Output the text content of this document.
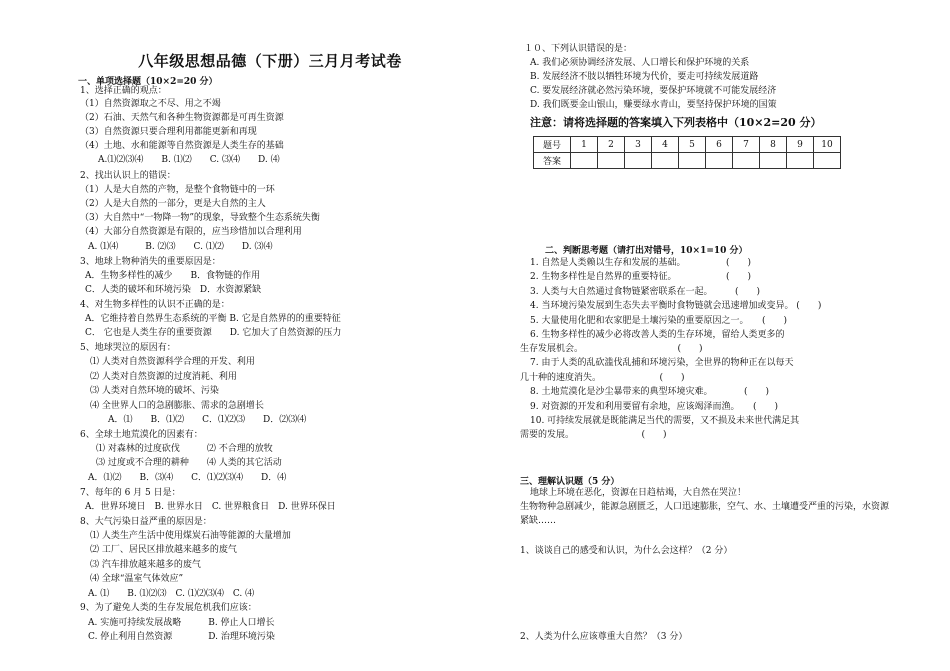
八年级思想品德（下册）三月月考试卷
一、单项选择题（10×2=20 分）
1、选择正确的观点：
（1）自然资源取之不尽、用之不竭
（2）石油、天然气和各种生物资源都是可再生资源
（3）自然资源只要合理利用都能更新和再现
（4）土地、水和能源等自然资源是人类生存的基础
A.⑴⑵⑶⑷　　B. ⑴⑵　　C. ⑶⑷　　D. ⑷
2、找出认识上的错误：
（1）人是大自然的产物，是整个食物链中的一环
（2）人是大自然的一部分，更是大自然的主人
（3）大自然中“一物降一物”的现象，导致整个生态系统失衡
（4）大部分自然资源是有限的，应当珍惜加以合理利用
A. ⑴⑷　　　B. ⑵⑶　　C. ⑴⑵　　D. ⑶⑷
3、地球上物种消失的重要原因是：
A．生物多样性的减少　　B．食物链的作用
C．人类的破坏和环境污染　D．水资源紧缺
4、对生物多样性的认识不正确的是：
A．它维持着自然界生态系统的平衡 B. 它是自然界的的重要特征
C． 它也是人类生存的重要资源　　D. 它加大了自然资源的压力
5、地球哭泣的原因有：
⑴ 人类对自然资源科学合理的开发、利用
⑵ 人类对自然资源的过度消耗、利用
⑶ 人类对自然环境的破坏、污染
⑷ 全世界人口的急剧膨胀、需求的急剧增长
A．⑴　　B．⑴⑵　　C．⑴⑵⑶　　D．⑵⑶⑷
6、全球土地荒漠化的因素有：
⑴ 对森林的过度砍伐　　　⑵ 不合理的放牧
⑶ 过度或不合理的耕种　　⑷ 人类的其它活动
A．⑴⑵　　B．⑶⑷　　C．⑴⑵⑶⑷　　D．⑷
7、每年的 6 月 5 日是：
A．世界环境日　B. 世界水日　C. 世界粮食日　D. 世界环保日
8、大气污染日益严重的原因是：
⑴ 人类生产生活中使用煤炭石油等能源的大量增加
⑵ 工厂、居民区排放越来越多的废气
⑶ 汽车排放越来越多的废气
⑷ 全球“温室气体效应”
A. ⑴　　B. ⑴⑵⑶　C. ⑴⑵⑶⑷　C. ⑷
9、为了避免人类的生存发展危机我们应该：
A. 实施可持续发展战略　　　B. 停止人口增长
C. 停止利用自然资源　　　　D. 治理环境污染
１０、下列认识错误的是：
A. 我们必须协调经济发展、人口增长和保护环境的关系
B. 发展经济不肢以牺牲环境为代价，要走可持续发展道路
C. 要发展经济就必然污染环境，要保护环境就不可能发展经济
D. 我们既要金山银山，赚要绿水青山，要坚持保护环境的国策
二、判断思考题（请打出对错号，10×1=10 分）
1. 自然是人类赖以生存和发展的基础。　　　　　(　　)
2. 生物多样性是自然界的重要特征。　　　　　　(　　)
3. 人类与大自然通过食物链紧密联系在一起。　　　(　　)
4. 当环境污染发展到生态失去平衡时食物链就会迅速增加或变异。 (　　)
5. 大量使用化肥和农家肥是土壤污染的重要原因之一。　　(　　)
6. 生物多样性的减少必将改善人类的生存环境，留给人类更多的
生存发展机会。　　　　　　　　　　　(　　)
7. 由于人类的乱砍滥伐乱捕和环境污染，全世界的物种正在以每天
几十种的速度消失。　　　　　　　(　　)
8. 土地荒漠化是沙尘暴带来的典型环境灾难。　　　　(　　)
9. 对资源的开发和利用要留有余地，应该竭泽而渔。　　(　　)
10. 可持续发展就是既能满足当代的需要，又不损及未来世代满足其
需要的发展。　　　　　　　　(　　)
三、理解认识题（5 分）
地球上环境在恶化，资源在日趋枯竭，大自然在哭泣！
生物物种急剧减少，能源急剧匮乏，人口迅速膨胀，空气、水、土壤遭受严重的污染，水资源
紧缺……
1、谈谈自己的感受和认识，为什么会这样？（2 分）
2、人类为什么应该尊重大自然？（3 分）
注意：请将选择题的答案填入下列表格中（10×2=20 分）
题号	1	2	3	4	5	6	7	8	9	10
答案										
